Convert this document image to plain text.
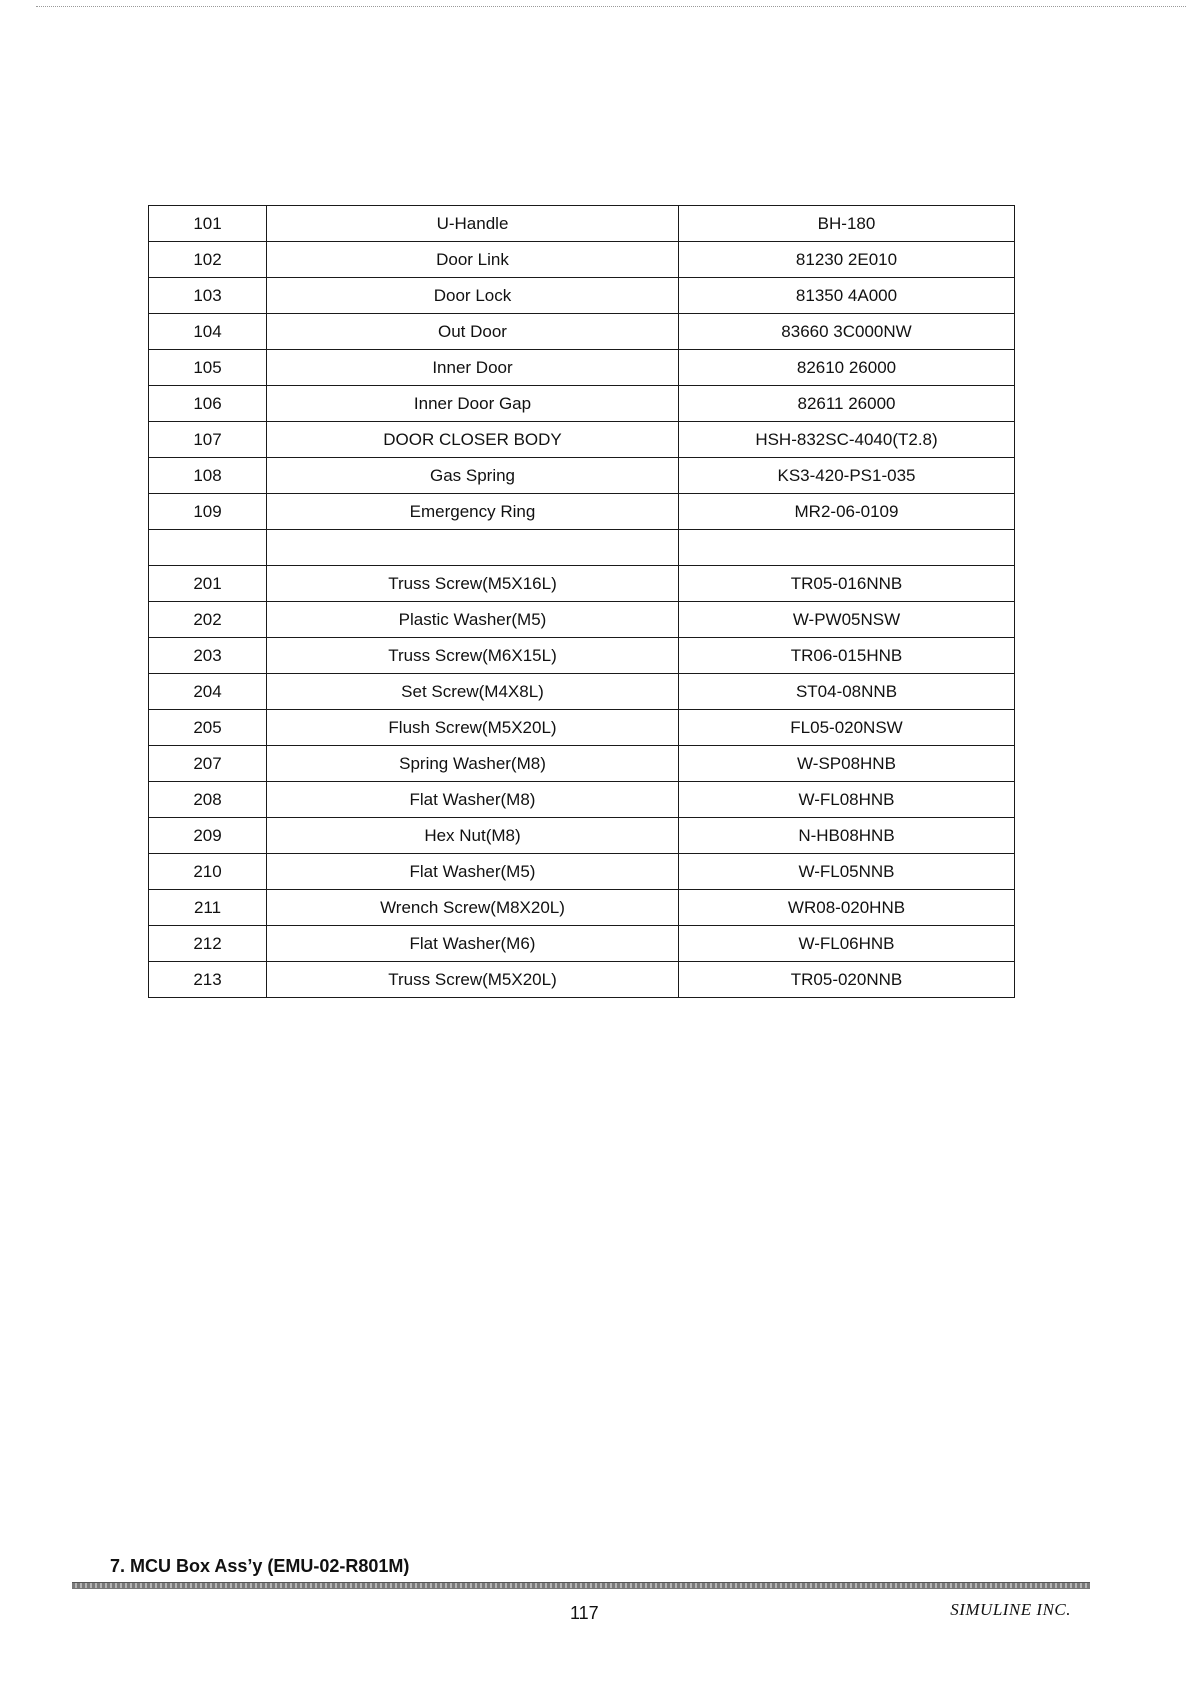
101	U-Handle	BH-180
102	Door Link	81230 2E010
103	Door Lock	81350 4A000
104	Out Door	83660 3C000NW
105	Inner Door	82610 26000
106	Inner Door Gap	82611 26000
107	DOOR CLOSER BODY	HSH-832SC-4040(T2.8)
108	Gas Spring	KS3-420-PS1-035
109	Emergency Ring	MR2-06-0109

201	Truss Screw(M5X16L)	TR05-016NNB
202	Plastic Washer(M5)	W-PW05NSW
203	Truss Screw(M6X15L)	TR06-015HNB
204	Set Screw(M4X8L)	ST04-08NNB
205	Flush Screw(M5X20L)	FL05-020NSW
207	Spring Washer(M8)	W-SP08HNB
208	Flat Washer(M8)	W-FL08HNB
209	Hex Nut(M8)	N-HB08HNB
210	Flat Washer(M5)	W-FL05NNB
211	Wrench Screw(M8X20L)	WR08-020HNB
212	Flat Washer(M6)	W-FL06HNB
213	Truss Screw(M5X20L)	TR05-020NNB
7. MCU Box Ass’y (EMU-02-R801M)
117	SIMULINE INC.
